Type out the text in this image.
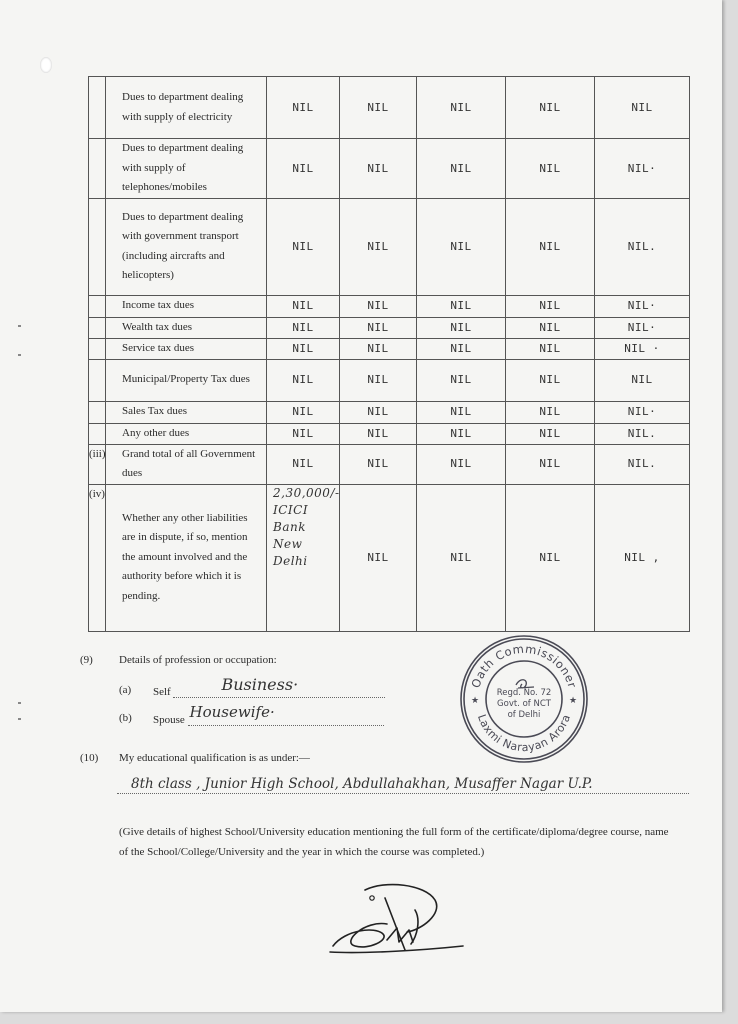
	Dues to department dealing with supply of electricity	NIL	NIL	NIL	NIL	NIL
	Dues to department dealing with supply of telephones/mobiles	NIL	NIL	NIL	NIL	NIL·
	Dues to department dealing with government transport (including aircrafts and helicopters)	NIL	NIL	NIL	NIL	NIL.
	Income tax dues	NIL	NIL	NIL	NIL	NIL·
	Wealth tax dues	NIL	NIL	NIL	NIL	NIL·
	Service tax dues	NIL	NIL	NIL	NIL	NIL ·
	Municipal/Property Tax dues	NIL	NIL	NIL	NIL	NIL
	Sales Tax dues	NIL	NIL	NIL	NIL	NIL·
	Any other dues	NIL	NIL	NIL	NIL	NIL.
(iii)	Grand total of all Government dues	NIL	NIL	NIL	NIL	NIL.
(iv)	Whether any other liabilities are in dispute, if so, mention the amount involved and the authority before which it is pending.	2,30,000/- ICICI Bank New Delhi	NIL	NIL	NIL	NIL ,
(9) Details of profession or occupation:
(a) Self	Business·
(b) Spouse Housewife·
(10) My educational qualification is as under:—
8th class , Junior High School, Abdullahakhan, Musaffer Nagar U.P.
(Give details of highest School/University education mentioning the full form of the certificate/diploma/degree course, name of the School/College/University and the year in which the course was completed.)
Oath Commissioner
Laxmi Narayan Arora
Regd. No. 72
Govt. of NCT
of Delhi
★	★
